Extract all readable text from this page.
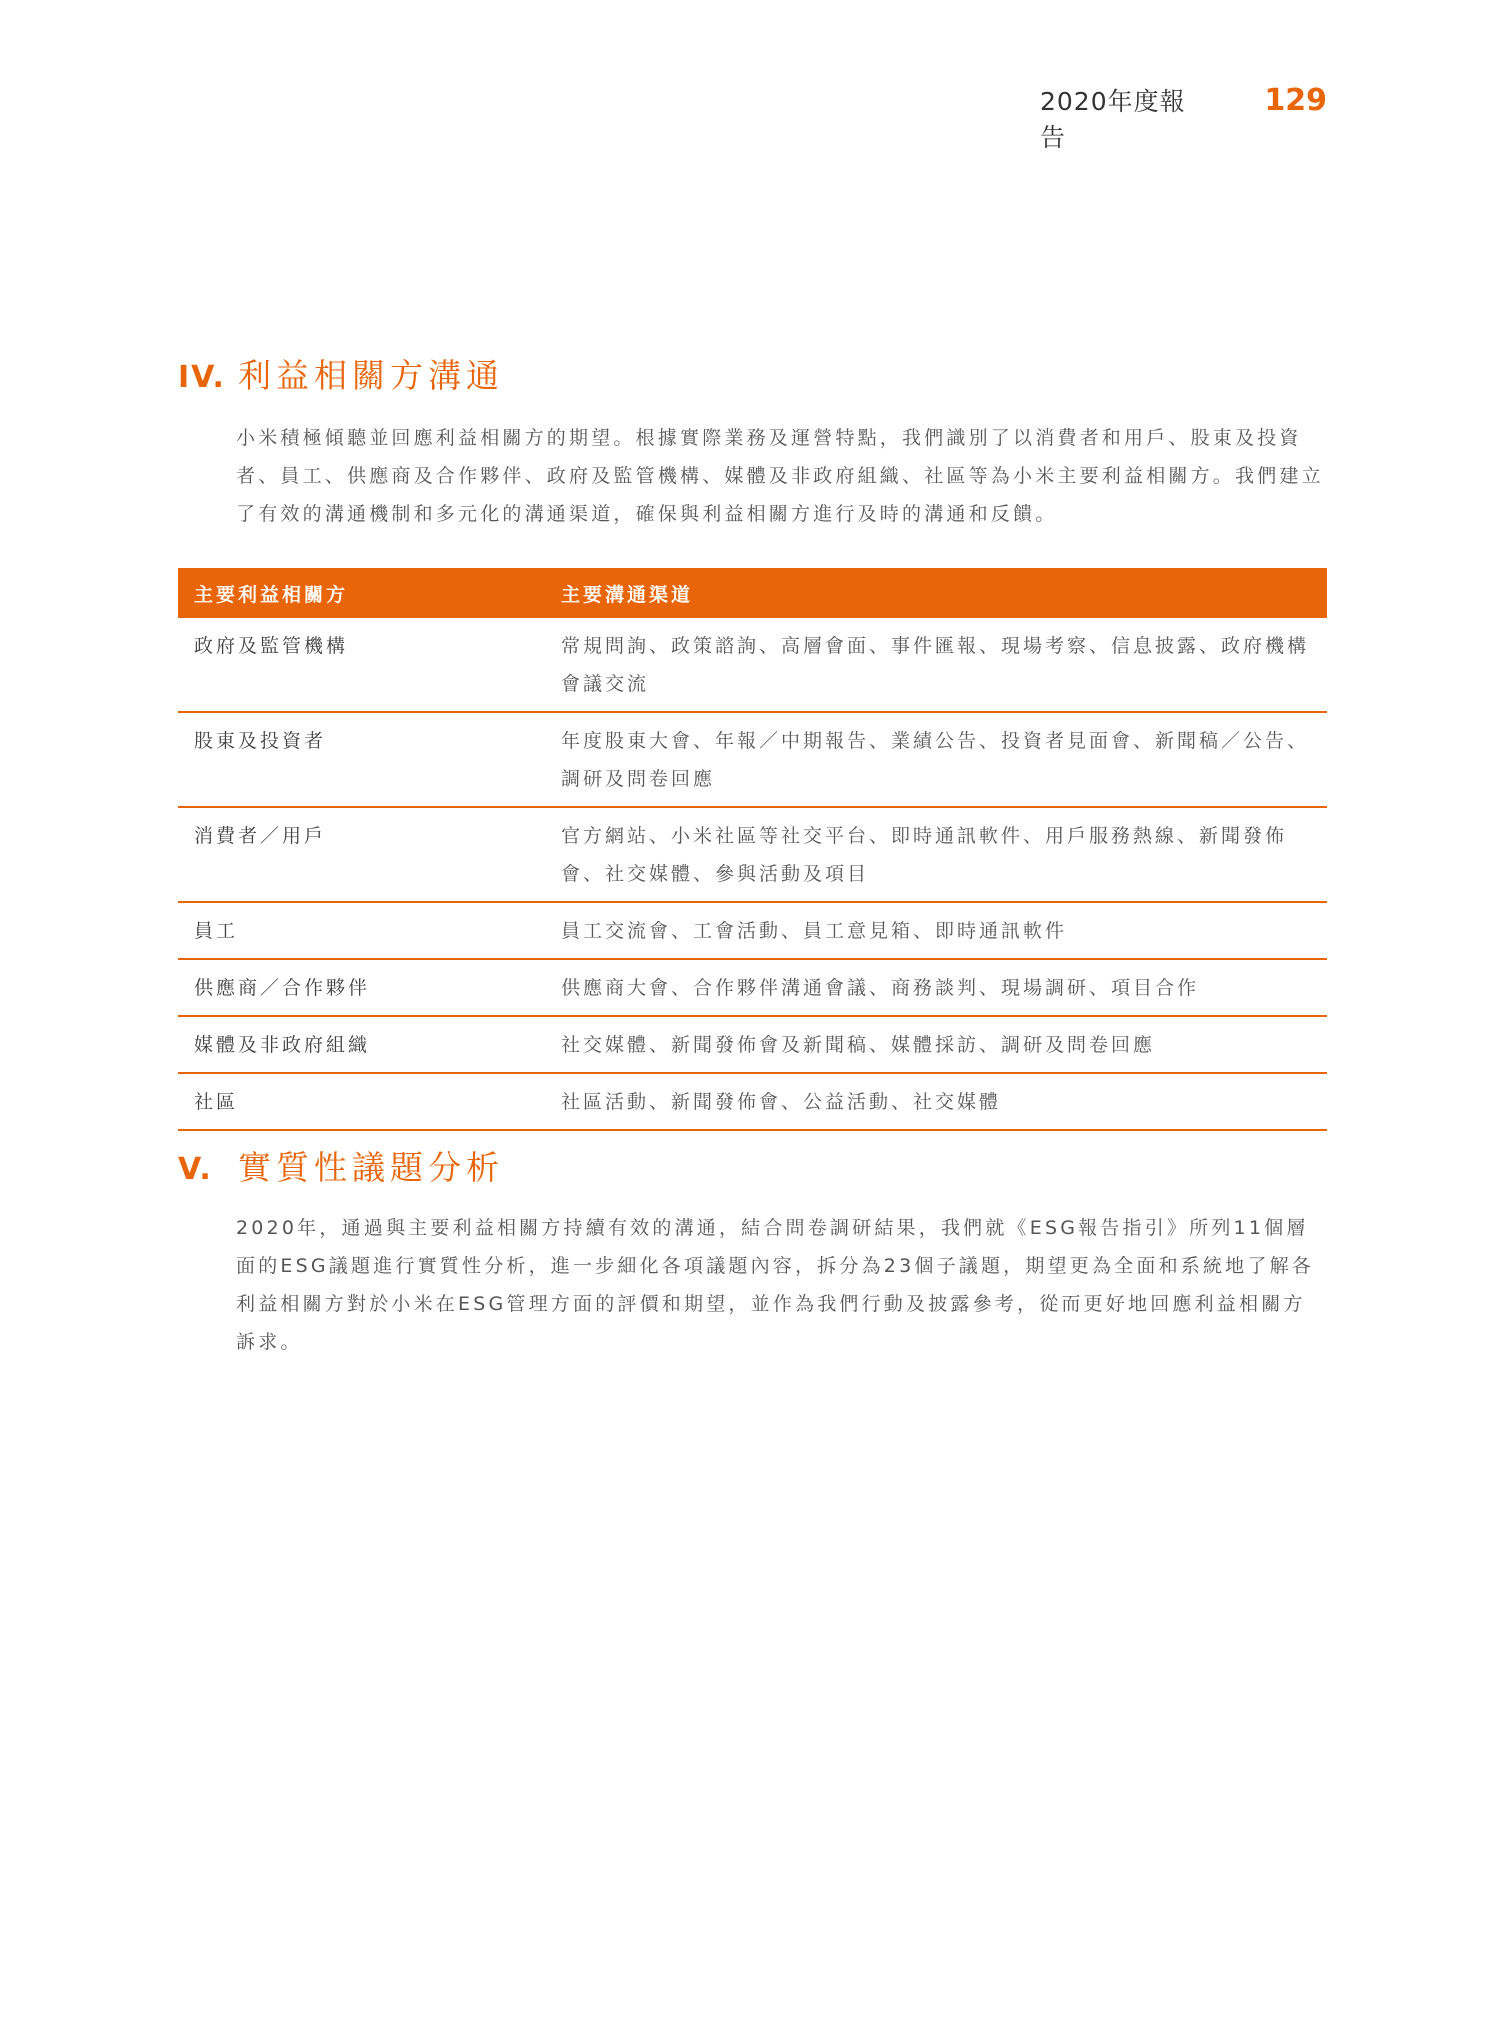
2020年度報告
129
IV. 利益相關方溝通

小米積極傾聽並回應利益相關方的期望。根據實際業務及運營特點，我們識別了以消費者和用戶、股東及投資者、員工、供應商及合作夥伴、政府及監管機構、媒體及非政府組織、社區等為小米主要利益相關方。我們建立了有效的溝通機制和多元化的溝通渠道，確保與利益相關方進行及時的溝通和反饋。

主要利益相關方	主要溝通渠道
政府及監管機構	常規問詢、政策諮詢、高層會面、事件匯報、現場考察、信息披露、政府機構會議交流
股東及投資者	年度股東大會、年報／中期報告、業績公告、投資者見面會、新聞稿／公告、調研及問卷回應
消費者／用戶	官方網站、小米社區等社交平台、即時通訊軟件、用戶服務熱線、新聞發佈會、社交媒體、參與活動及項目
員工	員工交流會、工會活動、員工意見箱、即時通訊軟件
供應商／合作夥伴	供應商大會、合作夥伴溝通會議、商務談判、現場調研、項目合作
媒體及非政府組織	社交媒體、新聞發佈會及新聞稿、媒體採訪、調研及問卷回應
社區	社區活動、新聞發佈會、公益活動、社交媒體
V. 實質性議題分析

2020年，通過與主要利益相關方持續有效的溝通，結合問卷調研結果，我們就《ESG報告指引》所列11個層面的ESG議題進行實質性分析，進一步細化各項議題內容，拆分為23個子議題，期望更為全面和系統地了解各利益相關方對於小米在ESG管理方面的評價和期望，並作為我們行動及披露參考，從而更好地回應利益相關方訴求。
